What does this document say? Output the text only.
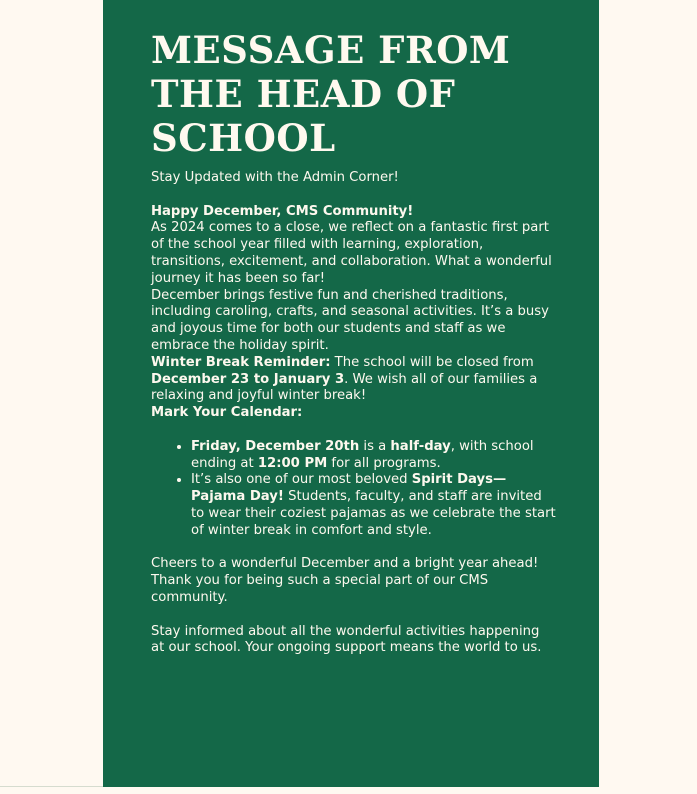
MESSAGE FROM THE HEAD OF SCHOOL

Stay Updated with the Admin Corner!

Happy December, CMS Community!

As 2024 comes to a close, we reflect on a fantastic first part of the school year filled with learning, exploration, transitions, excitement, and collaboration. What a wonderful journey it has been so far!

December brings festive fun and cherished traditions, including caroling, crafts, and seasonal activities. It’s a busy and joyous time for both our students and staff as we embrace the holiday spirit.

Winter Break Reminder: The school will be closed from December 23 to January 3. We wish all of our families a relaxing and joyful winter break!

Mark Your Calendar:

• Friday, December 20th is a half-day, with school ending at 12:00 PM for all programs.
• It’s also one of our most beloved Spirit Days—Pajama Day! Students, faculty, and staff are invited to wear their coziest pajamas as we celebrate the start of winter break in comfort and style.

Cheers to a wonderful December and a bright year ahead!

Thank you for being such a special part of our CMS community.

Stay informed about all the wonderful activities happening at our school. Your ongoing support means the world to us.
